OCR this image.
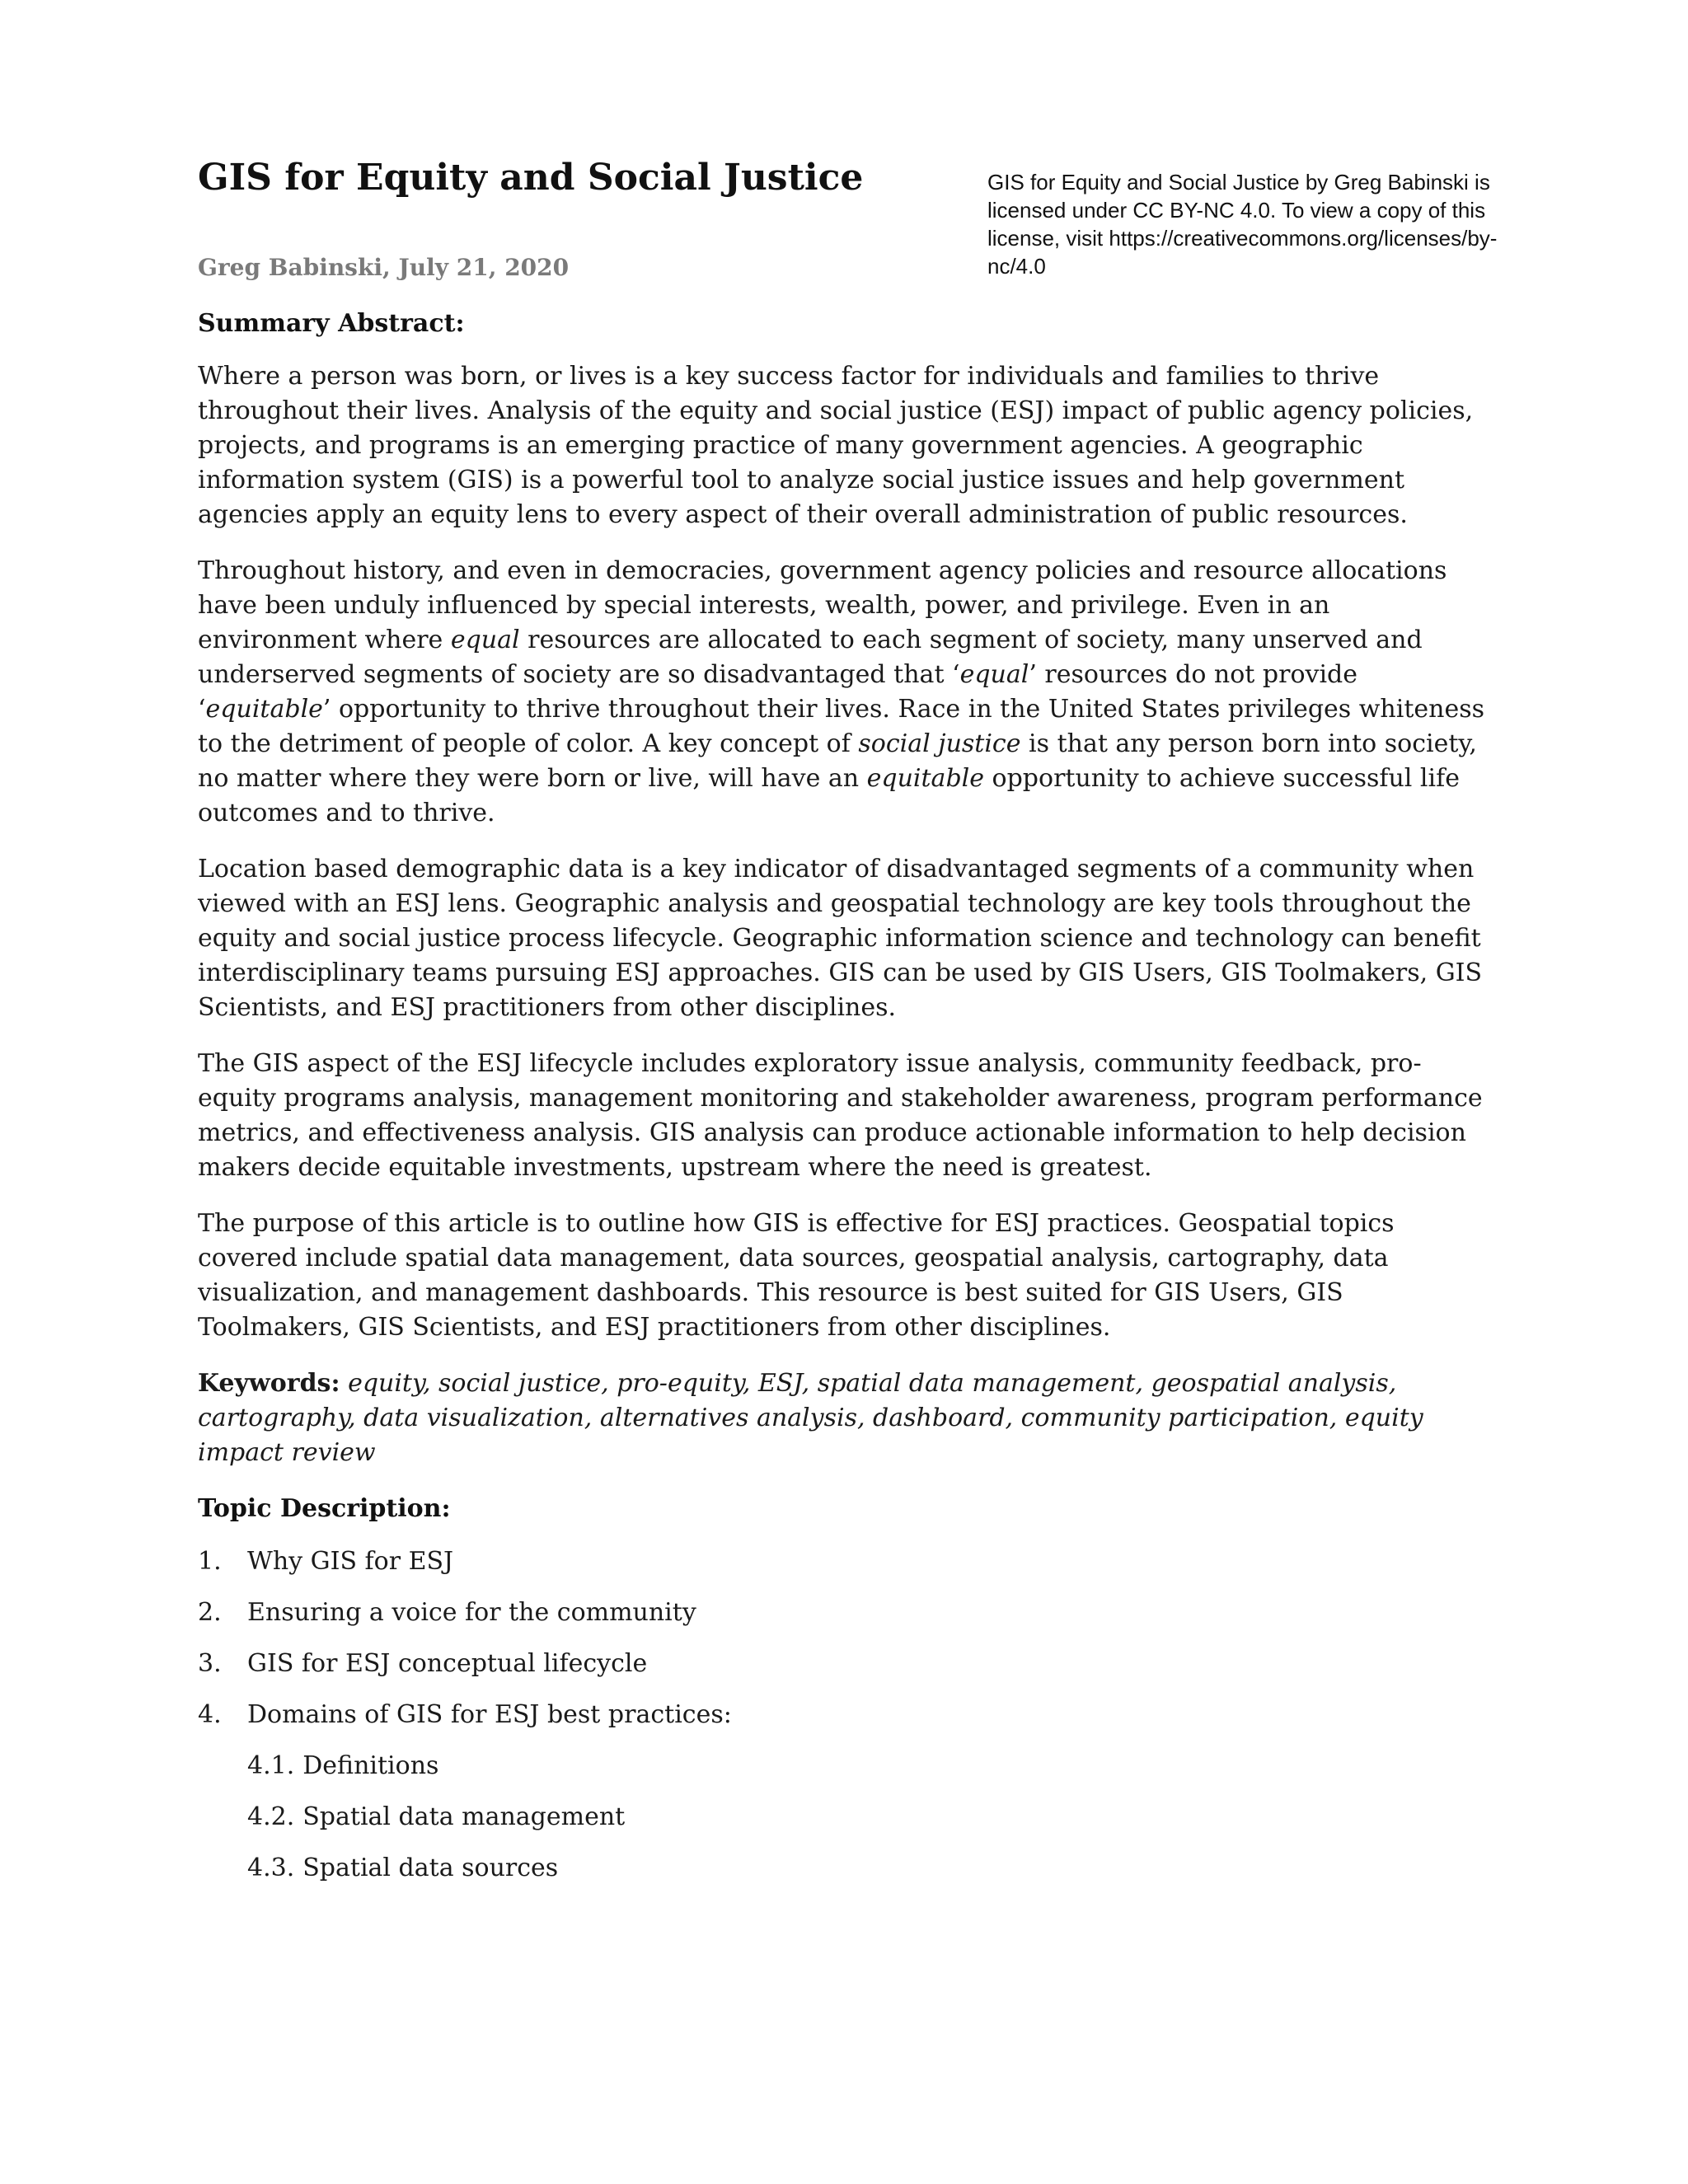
GIS for Equity and Social Justice
Greg Babinski, July 21, 2020
GIS for Equity and Social Justice by Greg Babinski is licensed under CC BY-NC 4.0. To view a copy of this license, visit https://creativecommons.org/licenses/by-nc/4.0
Summary Abstract:

Where a person was born, or lives is a key success factor for individuals and families to thrive throughout their lives. Analysis of the equity and social justice (ESJ) impact of public agency policies, projects, and programs is an emerging practice of many government agencies. A geographic information system (GIS) is a powerful tool to analyze social justice issues and help government agencies apply an equity lens to every aspect of their overall administration of public resources.

Throughout history, and even in democracies, government agency policies and resource allocations have been unduly influenced by special interests, wealth, power, and privilege. Even in an environment where equal resources are allocated to each segment of society, many unserved and underserved segments of society are so disadvantaged that ‘equal’ resources do not provide ‘equitable’ opportunity to thrive throughout their lives. Race in the United States privileges whiteness to the detriment of people of color. A key concept of social justice is that any person born into society, no matter where they were born or live, will have an equitable opportunity to achieve successful life outcomes and to thrive.

Location based demographic data is a key indicator of disadvantaged segments of a community when viewed with an ESJ lens. Geographic analysis and geospatial technology are key tools throughout the equity and social justice process lifecycle. Geographic information science and technology can benefit interdisciplinary teams pursuing ESJ approaches. GIS can be used by GIS Users, GIS Toolmakers, GIS Scientists, and ESJ practitioners from other disciplines.

The GIS aspect of the ESJ lifecycle includes exploratory issue analysis, community feedback, pro-equity programs analysis, management monitoring and stakeholder awareness, program performance metrics, and effectiveness analysis. GIS analysis can produce actionable information to help decision makers decide equitable investments, upstream where the need is greatest.

The purpose of this article is to outline how GIS is effective for ESJ practices. Geospatial topics covered include spatial data management, data sources, geospatial analysis, cartography, data visualization, and management dashboards. This resource is best suited for GIS Users, GIS Toolmakers, GIS Scientists, and ESJ practitioners from other disciplines.

Keywords: equity, social justice, pro-equity, ESJ, spatial data management, geospatial analysis, cartography, data visualization, alternatives analysis, dashboard, community participation, equity impact review

Topic Description:
1.	Why GIS for ESJ
2.	Ensuring a voice for the community
3.	GIS for ESJ conceptual lifecycle
4.	Domains of GIS for ESJ best practices:
4.1. Definitions
4.2. Spatial data management
4.3. Spatial data sources
